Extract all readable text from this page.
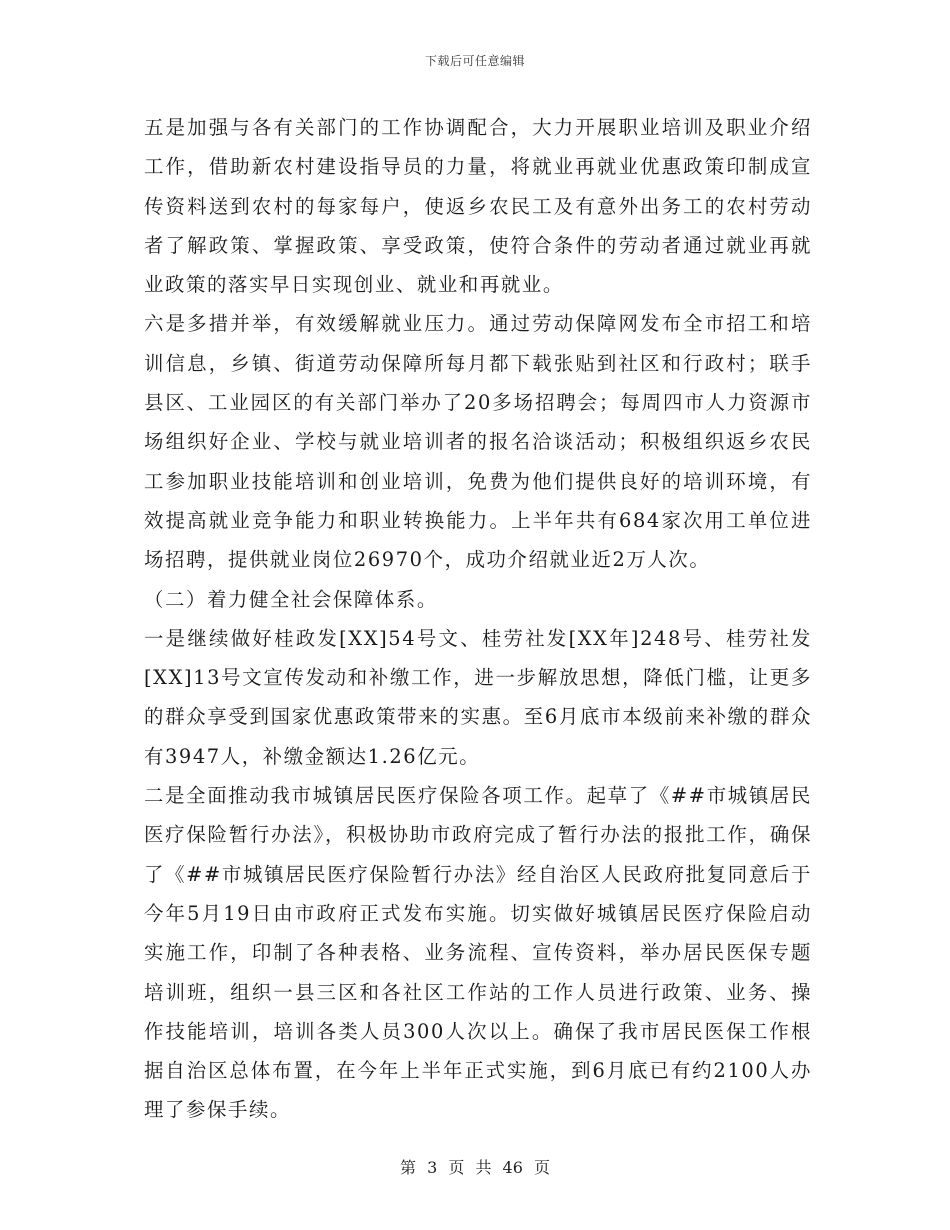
下载后可任意编辑

五是加强与各有关部门的工作协调配合，大力开展职业培训及职业介绍工作，借助新农村建设指导员的力量，将就业再就业优惠政策印制成宣传资料送到农村的每家每户，使返乡农民工及有意外出务工的农村劳动者了解政策、掌握政策、享受政策，使符合条件的劳动者通过就业再就业政策的落实早日实现创业、就业和再就业。

六是多措并举，有效缓解就业压力。通过劳动保障网发布全市招工和培训信息，乡镇、街道劳动保障所每月都下载张贴到社区和行政村；联手县区、工业园区的有关部门举办了20多场招聘会；每周四市人力资源市场组织好企业、学校与就业培训者的报名洽谈活动；积极组织返乡农民工参加职业技能培训和创业培训，免费为他们提供良好的培训环境，有效提高就业竞争能力和职业转换能力。上半年共有684家次用工单位进场招聘，提供就业岗位26970个，成功介绍就业近2万人次。

（二）着力健全社会保障体系。

一是继续做好桂政发[XX]54号文、桂劳社发[XX年]248号、桂劳社发[XX]13号文宣传发动和补缴工作，进一步解放思想，降低门槛，让更多的群众享受到国家优惠政策带来的实惠。至6月底市本级前来补缴的群众有3947人，补缴金额达1.26亿元。

二是全面推动我市城镇居民医疗保险各项工作。起草了《##市城镇居民医疗保险暂行办法》，积极协助市政府完成了暂行办法的报批工作，确保了《##市城镇居民医疗保险暂行办法》经自治区人民政府批复同意后于今年5月19日由市政府正式发布实施。切实做好城镇居民医疗保险启动实施工作，印制了各种表格、业务流程、宣传资料，举办居民医保专题培训班，组织一县三区和各社区工作站的工作人员进行政策、业务、操作技能培训，培训各类人员300人次以上。确保了我市居民医保工作根据自治区总体布置，在今年上半年正式实施，到6月底已有约2100人办理了参保手续。

第 3 页 共 46 页
